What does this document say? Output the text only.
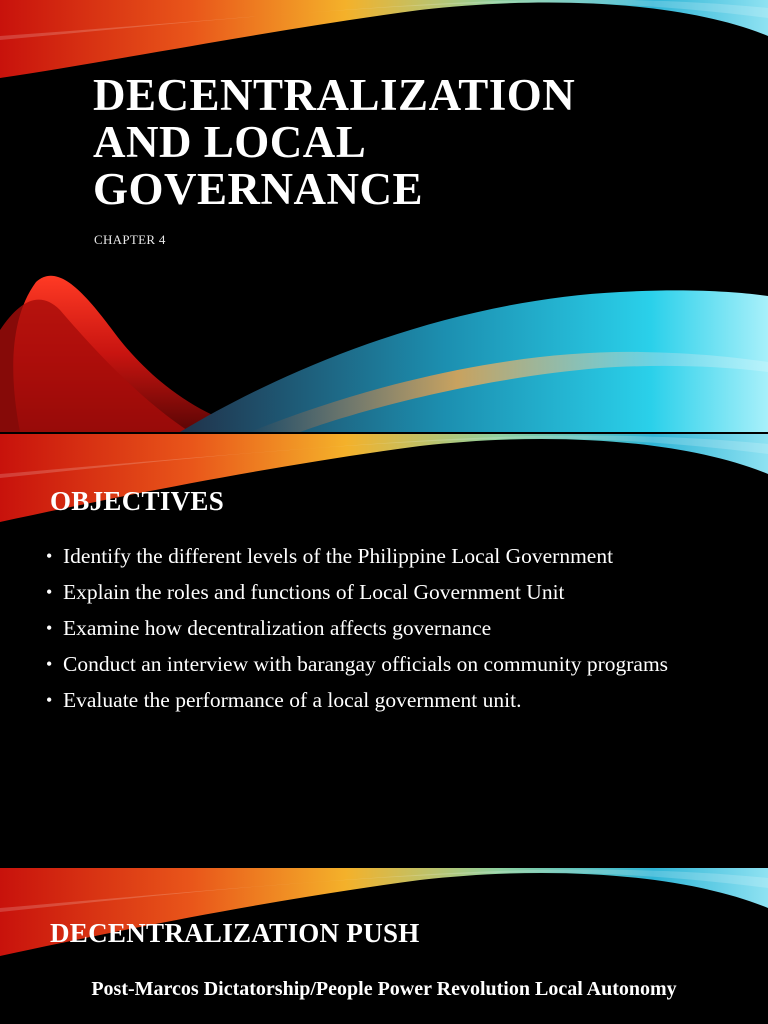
DECENTRALIZATION
AND LOCAL
GOVERNANCE
CHAPTER 4
OBJECTIVES
• Identify the different levels of the Philippine Local Government
• Explain the roles and functions of Local Government Unit
• Examine how decentralization affects governance
• Conduct an interview with barangay officials on community programs
• Evaluate the performance of a local government unit.
DECENTRALIZATION PUSH

Post-Marcos Dictatorship/People Power Revolution Local Autonomy
